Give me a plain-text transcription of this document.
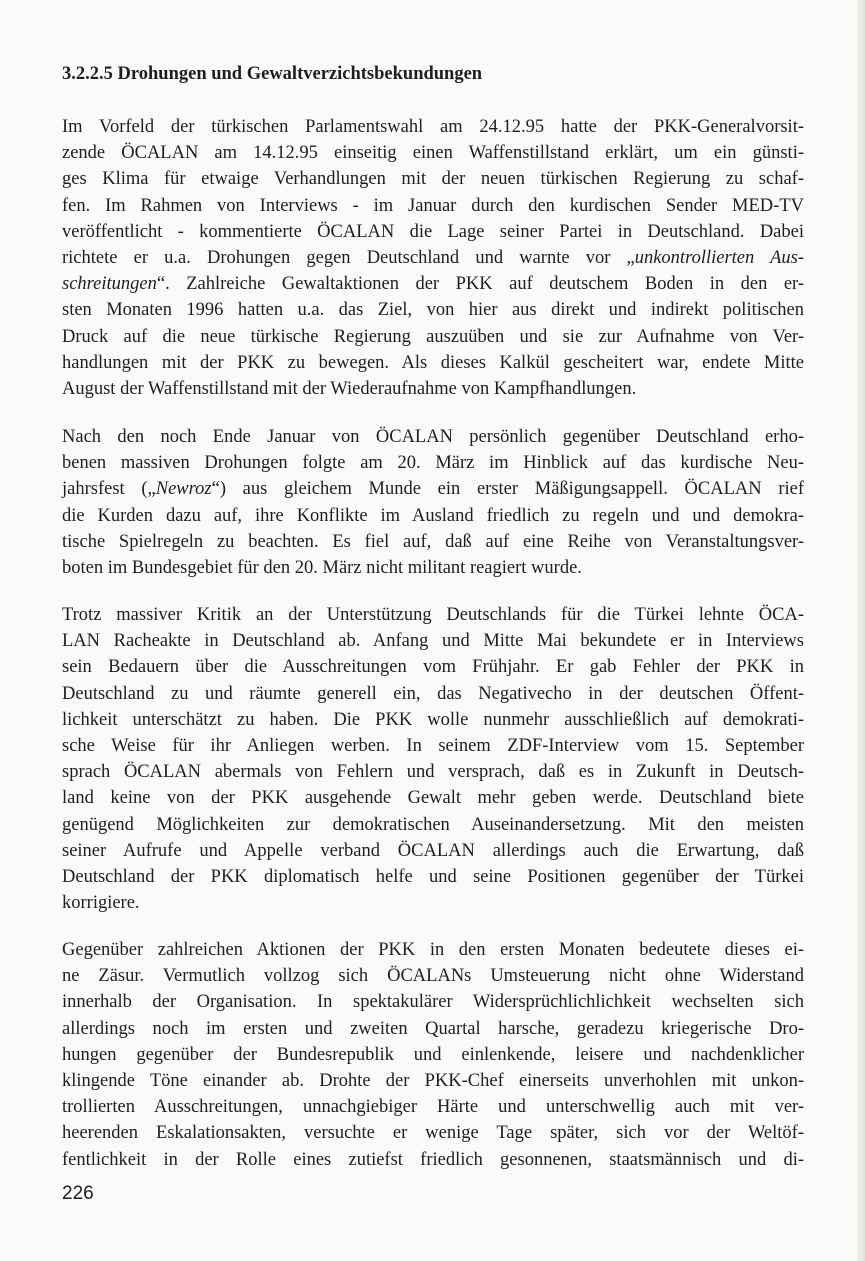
3.2.2.5 Drohungen und Gewaltverzichtsbekundungen
Im Vorfeld der türkischen Parlamentswahl am 24.12.95 hatte der PKK-Generalvorsit-
zende ÖCALAN am 14.12.95 einseitig einen Waffenstillstand erklärt, um ein günsti-
ges Klima für etwaige Verhandlungen mit der neuen türkischen Regierung zu schaf-
fen. Im Rahmen von Interviews - im Januar durch den kurdischen Sender MED-TV
veröffentlicht - kommentierte ÖCALAN die Lage seiner Partei in Deutschland. Dabei
richtete er u.a. Drohungen gegen Deutschland und warnte vor „unkontrollierten Aus-
schreitungen“. Zahlreiche Gewaltaktionen der PKK auf deutschem Boden in den er-
sten Monaten 1996 hatten u.a. das Ziel, von hier aus direkt und indirekt politischen
Druck auf die neue türkische Regierung auszuüben und sie zur Aufnahme von Ver-
handlungen mit der PKK zu bewegen. Als dieses Kalkül gescheitert war, endete Mitte
August der Waffenstillstand mit der Wiederaufnahme von Kampfhandlungen.
Nach den noch Ende Januar von ÖCALAN persönlich gegenüber Deutschland erho-
benen massiven Drohungen folgte am 20. März im Hinblick auf das kurdische Neu-
jahrsfest („Newroz“) aus gleichem Munde ein erster Mäßigungsappell. ÖCALAN rief
die Kurden dazu auf, ihre Konflikte im Ausland friedlich zu regeln und und demokra-
tische Spielregeln zu beachten. Es fiel auf, daß auf eine Reihe von Veranstaltungsver-
boten im Bundesgebiet für den 20. März nicht militant reagiert wurde.
Trotz massiver Kritik an der Unterstützung Deutschlands für die Türkei lehnte ÖCA-
LAN Racheakte in Deutschland ab. Anfang und Mitte Mai bekundete er in Interviews
sein Bedauern über die Ausschreitungen vom Frühjahr. Er gab Fehler der PKK in
Deutschland zu und räumte generell ein, das Negativecho in der deutschen Öffent-
lichkeit unterschätzt zu haben. Die PKK wolle nunmehr ausschließlich auf demokrati-
sche Weise für ihr Anliegen werben. In seinem ZDF-Interview vom 15. September
sprach ÖCALAN abermals von Fehlern und versprach, daß es in Zukunft in Deutsch-
land keine von der PKK ausgehende Gewalt mehr geben werde. Deutschland biete
genügend Möglichkeiten zur demokratischen Auseinandersetzung. Mit den meisten
seiner Aufrufe und Appelle verband ÖCALAN allerdings auch die Erwartung, daß
Deutschland der PKK diplomatisch helfe und seine Positionen gegenüber der Türkei
korrigiere.
Gegenüber zahlreichen Aktionen der PKK in den ersten Monaten bedeutete dieses ei-
ne Zäsur. Vermutlich vollzog sich ÖCALANs Umsteuerung nicht ohne Widerstand
innerhalb der Organisation. In spektakulärer Widersprüchlichlichkeit wechselten sich
allerdings noch im ersten und zweiten Quartal harsche, geradezu kriegerische Dro-
hungen gegenüber der Bundesrepublik und einlenkende, leisere und nachdenklicher
klingende Töne einander ab. Drohte der PKK-Chef einerseits unverhohlen mit unkon-
trollierten Ausschreitungen, unnachgiebiger Härte und unterschwellig auch mit ver-
heerenden Eskalationsakten, versuchte er wenige Tage später, sich vor der Weltöf-
fentlichkeit in der Rolle eines zutiefst friedlich gesonnenen, staatsmännisch und di-
226
